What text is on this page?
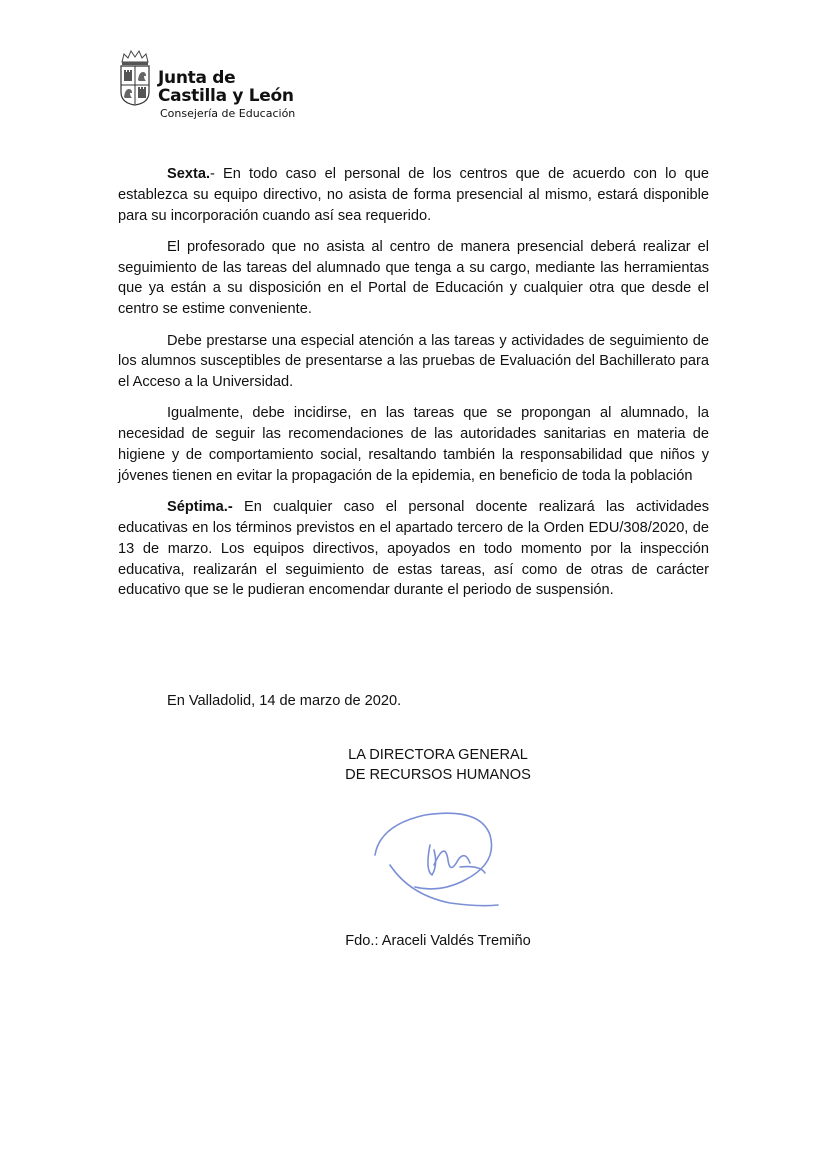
Junta de
Castilla y León
Consejería de Educación

Sexta.- En todo caso el personal de los centros que de acuerdo con lo que establezca su equipo directivo, no asista de forma presencial al mismo, estará disponible para su incorporación cuando así sea requerido.

El profesorado que no asista al centro de manera presencial deberá realizar el seguimiento de las tareas del alumnado que tenga a su cargo, mediante las herramientas que ya están a su disposición en el Portal de Educación y cualquier otra que desde el centro se estime conveniente.

Debe prestarse una especial atención a las tareas y actividades de seguimiento de los alumnos susceptibles de presentarse a las pruebas de Evaluación del Bachillerato para el Acceso a la Universidad.

Igualmente, debe incidirse, en las tareas que se propongan al alumnado, la necesidad de seguir las recomendaciones de las autoridades sanitarias en materia de higiene y de comportamiento social, resaltando también la responsabilidad que niños y jóvenes tienen en evitar la propagación de la epidemia, en beneficio de toda la población

Séptima.- En cualquier caso el personal docente realizará las actividades educativas en los términos previstos en el apartado tercero de la Orden EDU/308/2020, de 13 de marzo. Los equipos directivos, apoyados en todo momento por la inspección educativa, realizarán el seguimiento de estas tareas, así como de otras de carácter educativo que se le pudieran encomendar durante el periodo de suspensión.

En Valladolid, 14 de marzo de 2020.
LA DIRECTORA GENERAL
DE RECURSOS HUMANOS
Fdo.: Araceli Valdés Tremiño
